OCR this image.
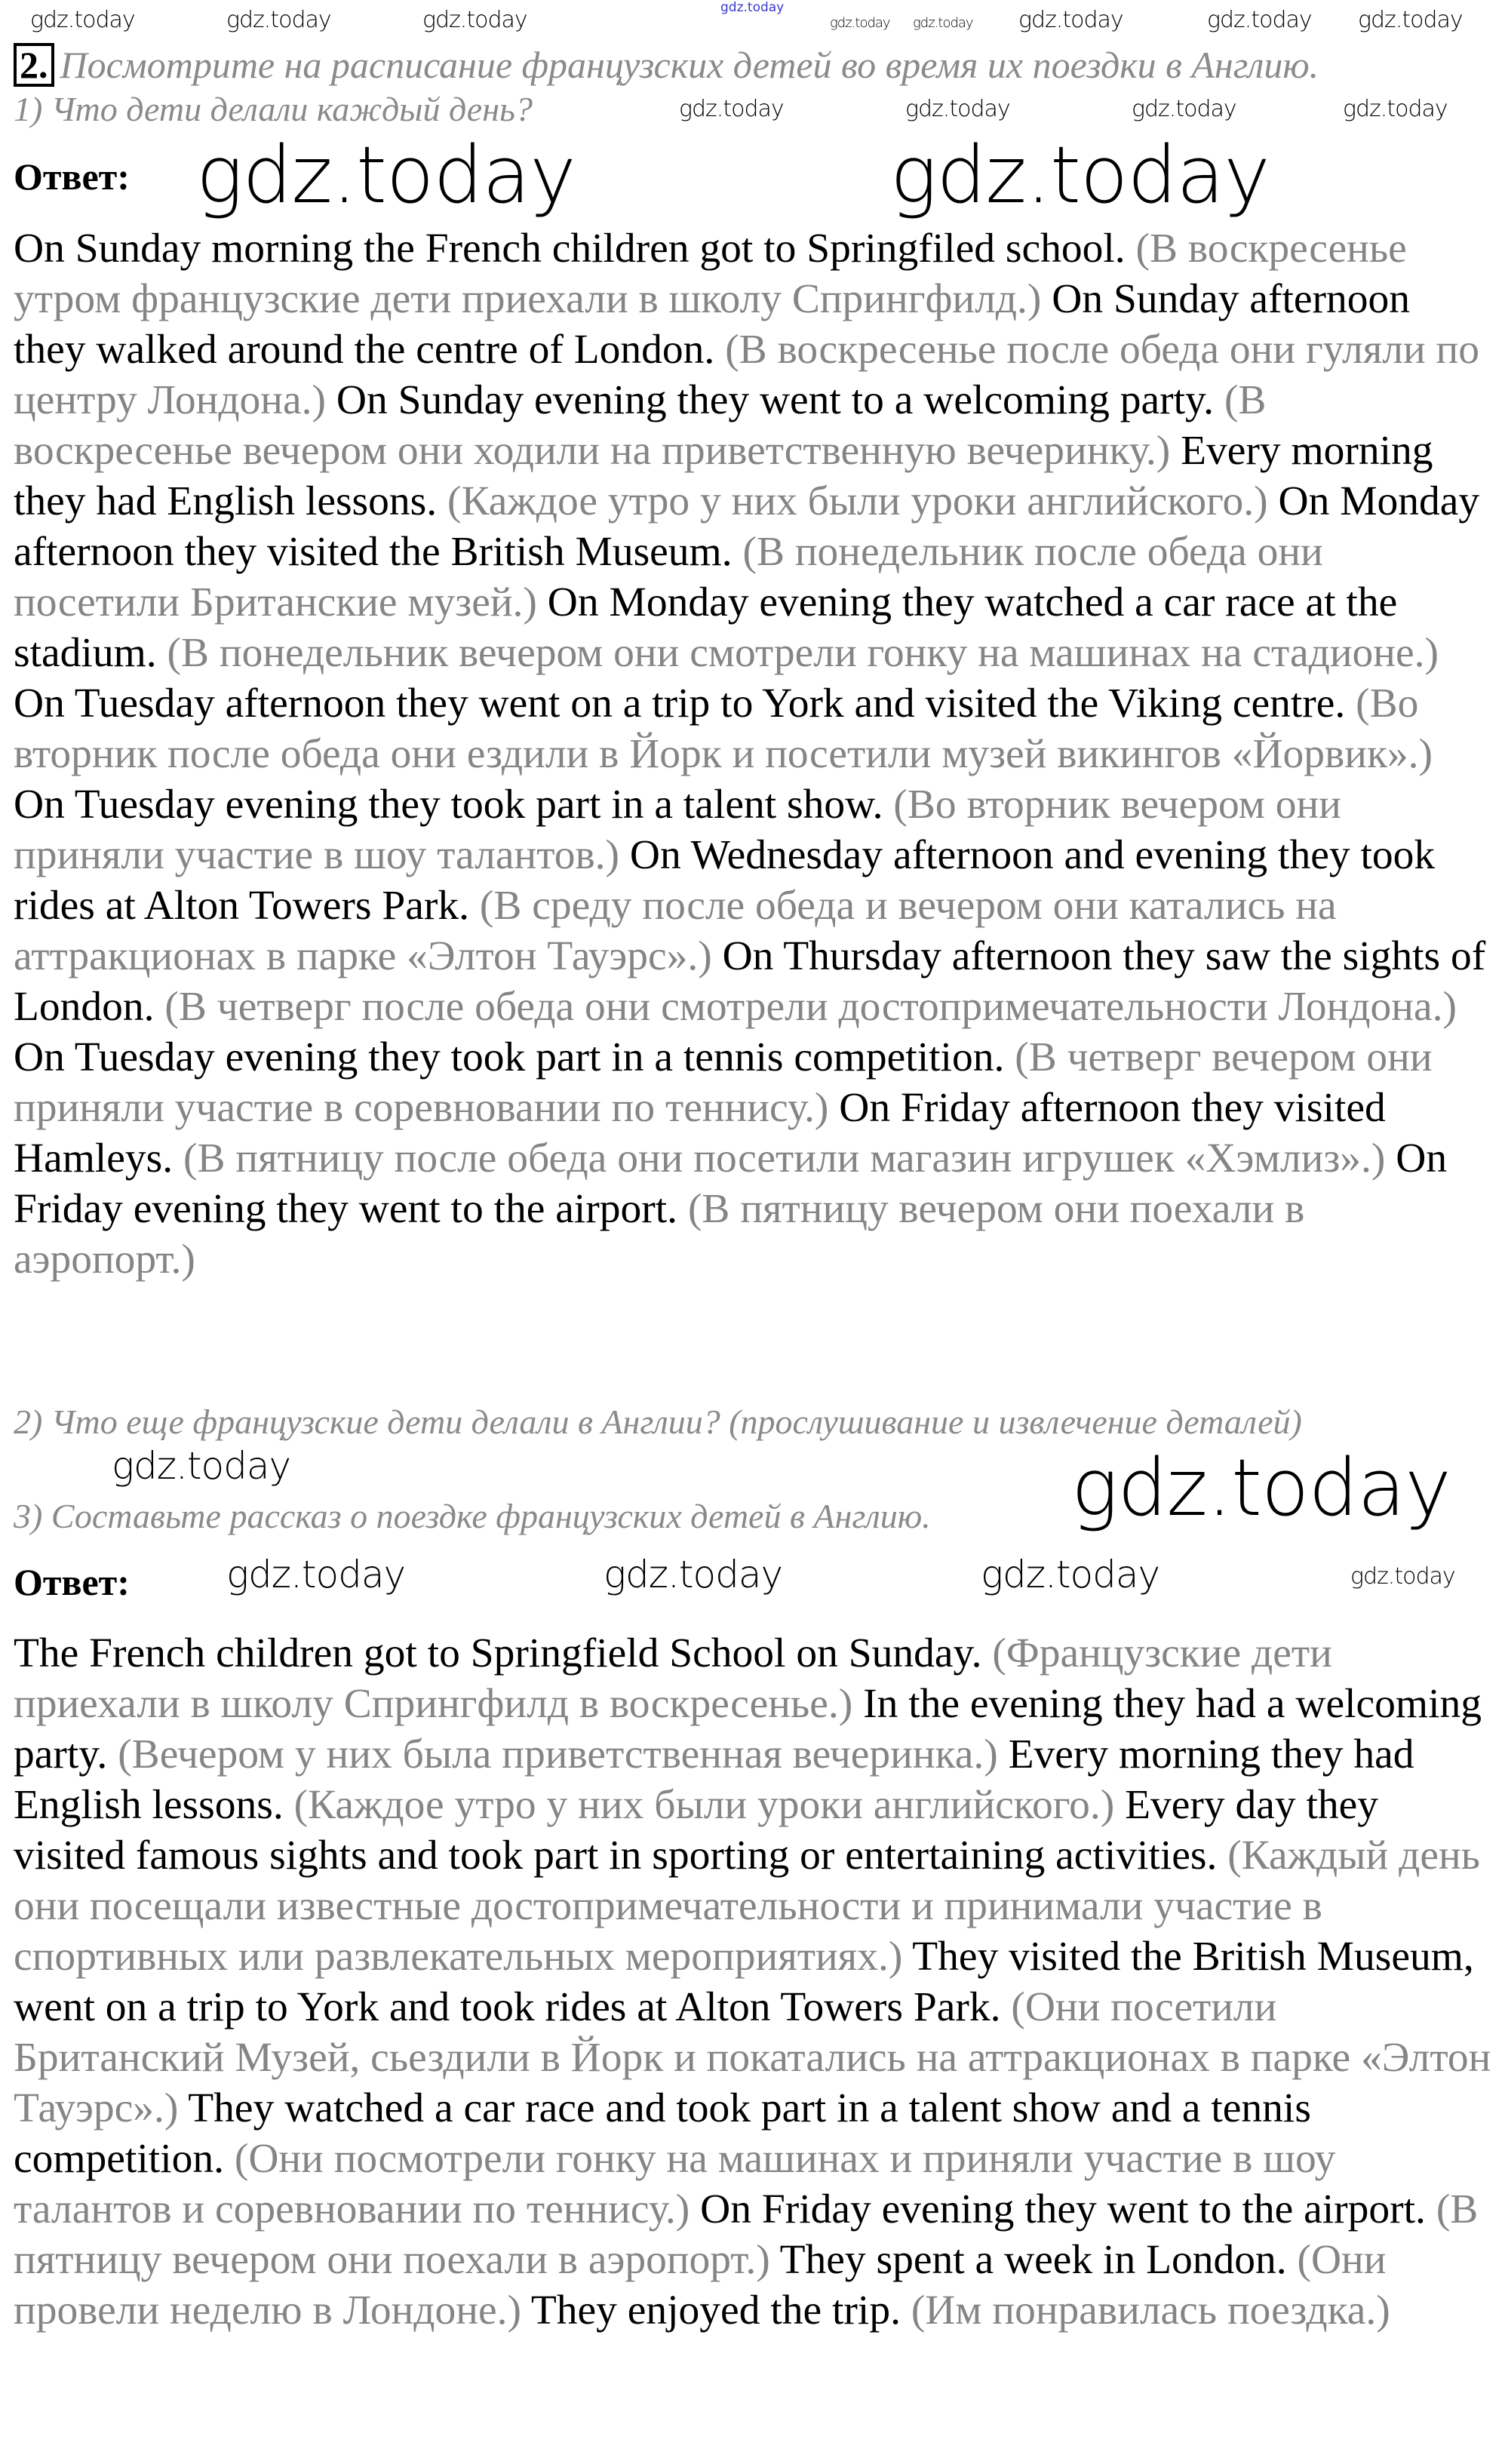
gdz.today
2. Посмотрите на расписание французских детей во время их поездки в Англию.
1) Что дети делали каждый день?
Ответ:
On Sunday morning the French children got to Springfiled school. (В воскресенье утром французские дети приехали в школу Спрингфилд.) On Sunday afternoon they walked around the centre of London. (В воскресенье после обеда они гуляли по центру Лондона.) On Sunday evening they went to a welcoming party. (В воскресенье вечером они ходили на приветственную вечеринку.) Every morning they had English lessons. (Каждое утро у них были уроки английского.) On Monday afternoon they visited the British Museum. (В понедельник после обеда они посетили Британские музей.) On Monday evening they watched a car race at the stadium. (В понедельник вечером они смотрели гонку на машинах на стадионе.) On Tuesday afternoon they went on a trip to York and visited the Viking centre. (Во вторник после обеда они ездили в Йорк и посетили музей викингов «Йорвик».) On Tuesday evening they took part in a talent show. (Во вторник вечером они приняли участие в шоу талантов.) On Wednesday afternoon and evening they took rides at Alton Towers Park. (В среду после обеда и вечером они катались на аттракционах в парке «Элтон Тауэрс».) On Thursday afternoon they saw the sights of London. (В четверг после обеда они смотрели достопримечательности Лондона.) On Tuesday evening they took part in a tennis competition. (В четверг вечером они приняли участие в соревновании по теннису.) On Friday afternoon they visited Hamleys. (В пятницу после обеда они посетили магазин игрушек «Хэмлиз».) On Friday evening they went to the airport. (В пятницу вечером они поехали в аэропорт.)
2) Что еще французские дети делали в Англии? (прослушивание и извлечение деталей)
3) Составьте рассказ о поездке французских детей в Англию.
Ответ:
The French children got to Springfield School on Sunday. (Французские дети приехали в школу Спрингфилд в воскресенье.) In the evening they had a welcoming party. (Вечером у них была приветственная вечеринка.) Every morning they had English lessons. (Каждое утро у них были уроки английского.) Every day they visited famous sights and took part in sporting or entertaining activities. (Каждый день они посещали известные достопримечательности и принимали участие в спортивных или развлекательных мероприятиях.) They visited the British Museum, went on a trip to York and took rides at Alton Towers Park. (Они посетили Британский Музей, сьездили в Йорк и покатались на аттракционах в парке «Элтон Тауэрс».) They watched a car race and took part in a talent show and a tennis competition. (Они посмотрели гонку на машинах и приняли участие в шоу талантов и соревновании по теннису.) On Friday evening they went to the airport. (В пятницу вечером они поехали в аэропорт.) They spent a week in London. (Они провели неделю в Лондоне.) They enjoyed the trip. (Им понравилась поездка.)
gdz.today	gdz.today
gdz.today
gdz.today
gdz.today	gdz.today	gdz.today	gdz.today
gdz.today	gdz.today	gdz.today	gdz.today	gdz.today gdz.today
gdz.today	gdz.today	gdz.today	gdz.today
gdz.today gdz.today
